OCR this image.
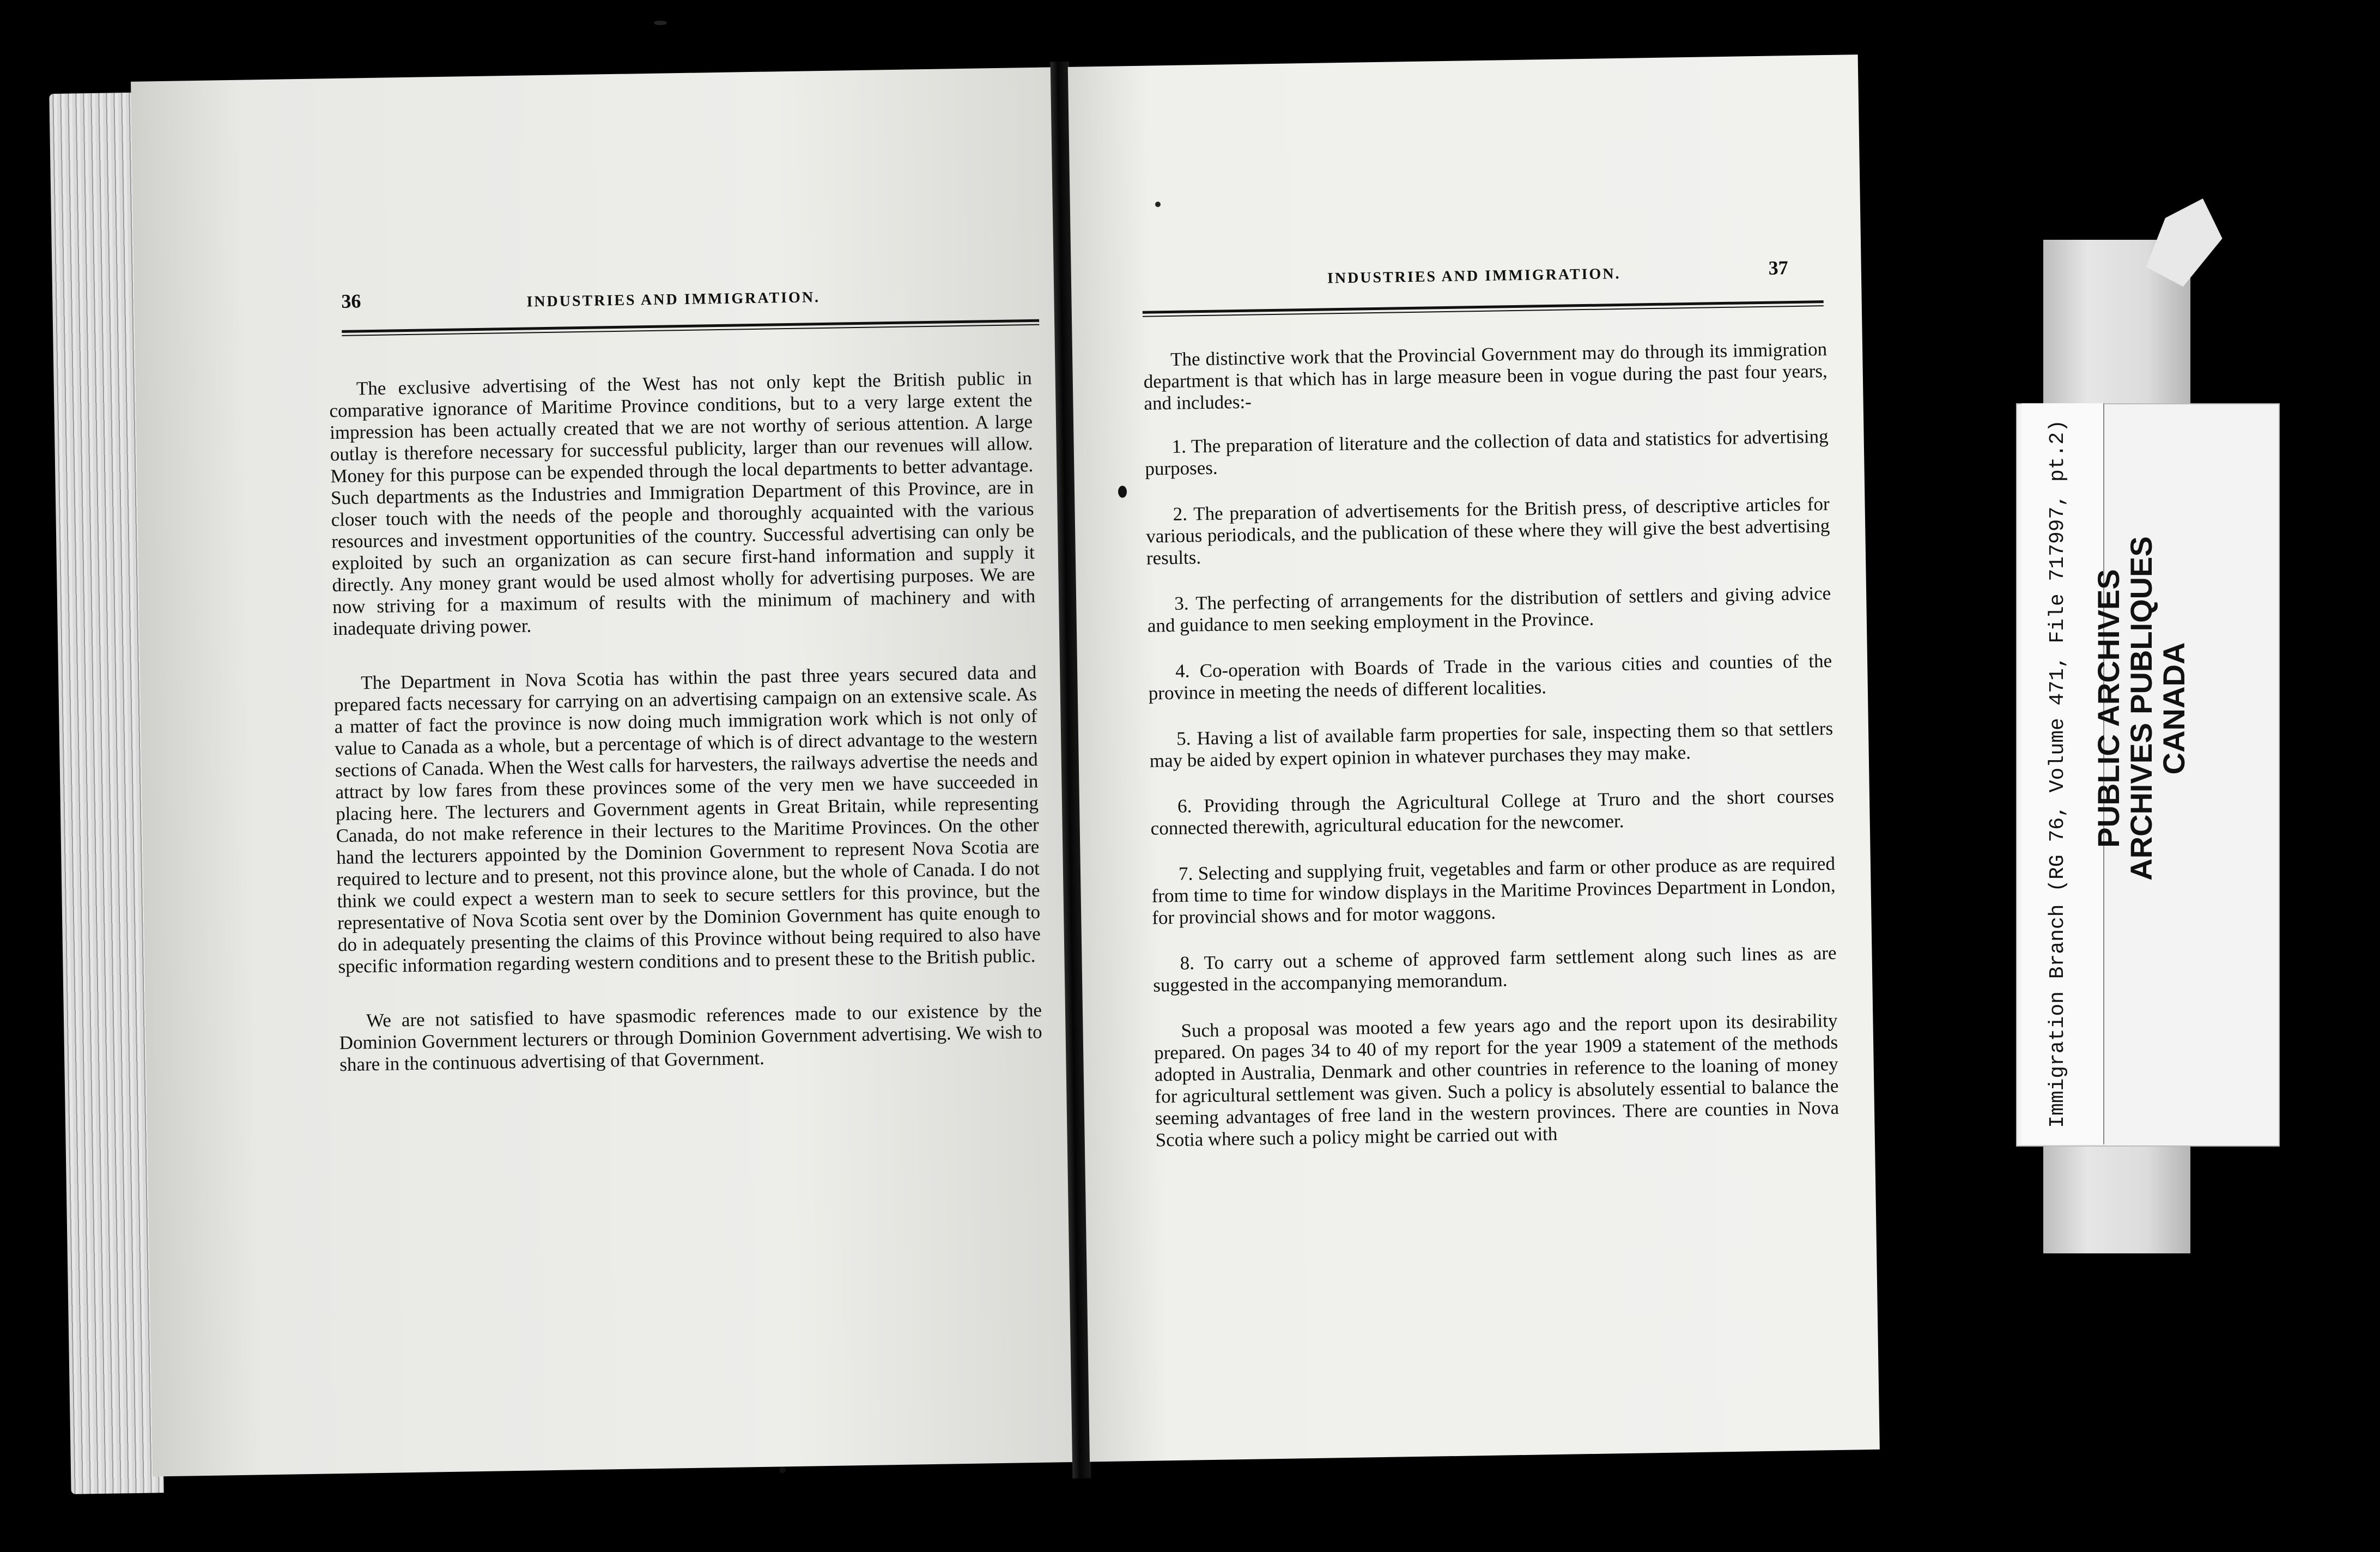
36	INDUSTRIES AND IMMIGRATION.

The exclusive advertising of the West has not only kept the British public in comparative ignorance of Maritime Province conditions, but to a very large extent the impression has been actually created that we are not worthy of serious attention. A large outlay is therefore necessary for successful publicity, larger than our revenues will allow. Money for this purpose can be expended through the local departments to better advantage. Such departments as the Industries and Immigration Department of this Province, are in closer touch with the needs of the people and thoroughly acquainted with the various resources and investment opportunities of the country. Successful advertising can only be exploited by such an organization as can secure first-hand information and supply it directly. Any money grant would be used almost wholly for advertising purposes. We are now striving for a maximum of results with the minimum of machinery and with inadequate driving power.

The Department in Nova Scotia has within the past three years secured data and prepared facts necessary for carrying on an advertising campaign on an extensive scale. As a matter of fact the province is now doing much immigration work which is not only of value to Canada as a whole, but a percentage of which is of direct advantage to the western sections of Canada. When the West calls for harvesters, the railways advertise the needs and attract by low fares from these provinces some of the very men we have succeeded in placing here. The lecturers and Government agents in Great Britain, while representing Canada, do not make reference in their lectures to the Maritime Provinces. On the other hand the lecturers appointed by the Dominion Government to represent Nova Scotia are required to lecture and to present, not this province alone, but the whole of Canada. I do not think we could expect a western man to seek to secure settlers for this province, but the representative of Nova Scotia sent over by the Dominion Government has quite enough to do in adequately presenting the claims of this Province without being required to also have specific information regarding western conditions and to present these to the British public.

We are not satisfied to have spasmodic references made to our existence by the Dominion Government lecturers or through Dominion Government advertising. We wish to share in the continuous advertising of that Government.

INDUSTRIES AND IMMIGRATION.	37

The distinctive work that the Provincial Government may do through its immigration department is that which has in large measure been in vogue during the past four years, and includes:-

1. The preparation of literature and the collection of data and statistics for advertising purposes.

2. The preparation of advertisements for the British press, of descriptive articles for various periodicals, and the publication of these where they will give the best advertising results.

3. The perfecting of arrangements for the distribution of settlers and giving advice and guidance to men seeking employment in the Province.

4. Co-operation with Boards of Trade in the various cities and counties of the province in meeting the needs of different localities.

5. Having a list of available farm properties for sale, inspecting them so that settlers may be aided by expert opinion in whatever purchases they may make.

6. Providing through the Agricultural College at Truro and the short courses connected therewith, agricultural education for the newcomer.

7. Selecting and supplying fruit, vegetables and farm or other produce as are required from time to time for window displays in the Maritime Provinces Department in London, for provincial shows and for motor waggons.

8. To carry out a scheme of approved farm settlement along such lines as are suggested in the accompanying memorandum.

Such a proposal was mooted a few years ago and the report upon its desirability prepared. On pages 34 to 40 of my report for the year 1909 a statement of the methods adopted in Australia, Denmark and other countries in reference to the loaning of money for agricultural settlement was given. Such a policy is absolutely essential to balance the seeming advantages of free land in the western provinces. There are counties in Nova Scotia where such a policy might be carried out with

Immigration Branch (RG 76, Volume 471, File 717997, pt.2) PUBLIC ARCHIVES
ARCHIVES PUBLIQUES
CANADA
